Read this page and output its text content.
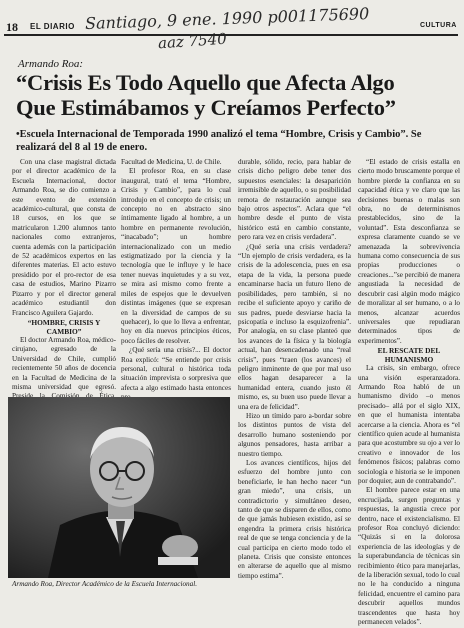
18 EL DIARIO	CULTURA
Santiago, 9 ene. 1990 p001175690
aaz 7540
Armando Roa:
“Crisis Es Todo Aquello que Afecta Algo
Que Estimábamos y Creíamos Perfecto”
•Escuela Internacional de Temporada 1990 analizó el tema “Hombre, Crisis y Cambio”. Se realizará del 8 al 19 de enero.

Con una clase magistral dictada por el director académico de la Escuela Internacional, doctor Armando Roa, se dio comienzo a este evento de extensión académico-cultural, que consta de 18 cursos, en los que se matricularon 1.200 alumnos tanto nacionales como extranjeros, cuenta además con la participación de 52 académicos expertos en las diferentes materias. El acto estuvo presidido por el pro-rector de esa casa de estudios, Marino Pizarro Pizarro y por el director general académico estudiantil don Francisco Aguilera Gajardo.

“HOMBRE, CRISIS Y CAMBIO”

El doctor Armando Roa, médico-cirujano, egresado de la Universidad de Chile, cumplió recientemente 50 años de docencia en la Facultad de Medicina de la misma universidad que egresó.

Facultad de Medicina, U. de Chile.

El profesor Roa, en su clase inaugural, trató el tema “Hombre, Crisis y Cambio”, para lo cual introdujo en el concepto de crisis; un concepto no en abstracto sino íntimamente ligado al hombre, a un hombre en permanente revolución, “inacabado”; un hombre internacionalizado con un medio estigmatizado por la ciencia y la tecnología que le influye y le hace tener nuevas inquietudes y a su vez, se mira así mismo como frente a miles de espejos que le devuelven distintas imágenes (que se expresan en la diversidad de campos de su quehacer), lo que lo lleva a enfrentar, hoy en día nuevos principios éticos, poco fáciles de resolver.

¿Qué sería una crisis?... El doctor Roa explicó: “Se entiende por crisis personal, cultural o histórica toda situación imprevista o sorpresiva que afecta a algo estimado hasta entonces

durable, sólido, recio, para hablar de crisis dicho peligro debe tener dos supuestos esenciales: la desaparición irremisible de aquello, o su posibilidad remota de restauración aunque sea bajo otros aspectos”. Aclara que “el hombre desde el punto de vista histórico está en cambio constante, pero rara vez en crisis verdadera”.

¿Qué sería una crisis verdadera? “Un ejemplo de crisis verdadera, es la crisis de la adolescencia, pues en esa etapa de la vida, la persona puede encaminarse hacia un futuro lleno de posibilidades, pero también, si no recibe el suficiente apoyo y cariño de sus padres, puede desviarse hacia la psicopatía e incluso la esquizofrenia”. Por analogía, en su clase planteó que los avances de la física y la biología actual, han desencadenado una “real crisis”, pues “traen (los avances) el peligro inminente de que por mal uso ellos hagan desaparecer a la humanidad entera, cuando justo él mismo, es, su buen uso puede llevar a una era de felicidad”.

Hizo un tímido paro a-bordar sobre los distintos puntos de vista del desarrollo humano sosteniendo por algunos pensadores, hasta arribar a nuestro tiempo.

Los avances científicos, hijos del esfuerzo del hombre junto con beneficiarle, le han hecho nacer “un gran miedo”, una crisis, un contradictorio y simultáneo deseo, tanto de que se disparen de ellos, como de que jamás hubiesen existido, así se engendra la primera crisis histórica real de que se tenga conciencia y de la cual participa en cierto modo todo el planeta. Crisis que consiste entonces en alterarse de aquello que al mismo tiempo estima”.

“El estado de crisis estalla en cierto modo bruscamente porque el hombre pierde la confianza en su capacidad ética y ve claro que las decisiones buenas o malas son obra, no de determinismos prestablecidos, sino de la voluntad”. Esta desconfianza se expresa claramente cuando se ve amenazada la sobrevivencia humana como consecuencia de sus propias producciones o creaciones...”se percibió de manera angustiada la necesidad de descubrir casi algún modo mágico de moralizar al ser humano, o a lo menos, alcanzar acuerdos universales que repudiaran determinados tipos de experimentos”.

EL RESCATE DEL HUMANISMO

La crisis, sin embargo, ofrece una visión esperanzadora. Armando Roa habló de un humanismo divido –o menos precisado– allá por el siglo XIX, en que el humanista intentaba acercarse a la ciencia. Ahora es “el científico quien acude al humanista para que acostumbre su ojo a ver lo creativo e innovador de los fenómenos físicos; palabras como sociología e historia se le imponen por doquier, aun de contrabando”.

El hombre parece estar en una encrucijada, surgen preguntas y respuestas, la angustia crece por dentro, nace el existencialismo. El profesor Roa concluyó diciendo: “Quizás si en la dolorosa experiencia de las ideologías y de la superabundancia de técnicas sin recibimiento ético para manejarlas, de la liberación sexual, todo lo cual no le ha conducido a ninguna felicidad, encuentre el camino para descubrir aquellos mundos trascendentes que hasta hoy permanecen velados”.

Armando Roa, Director Académico de la Escuela Internacional.
